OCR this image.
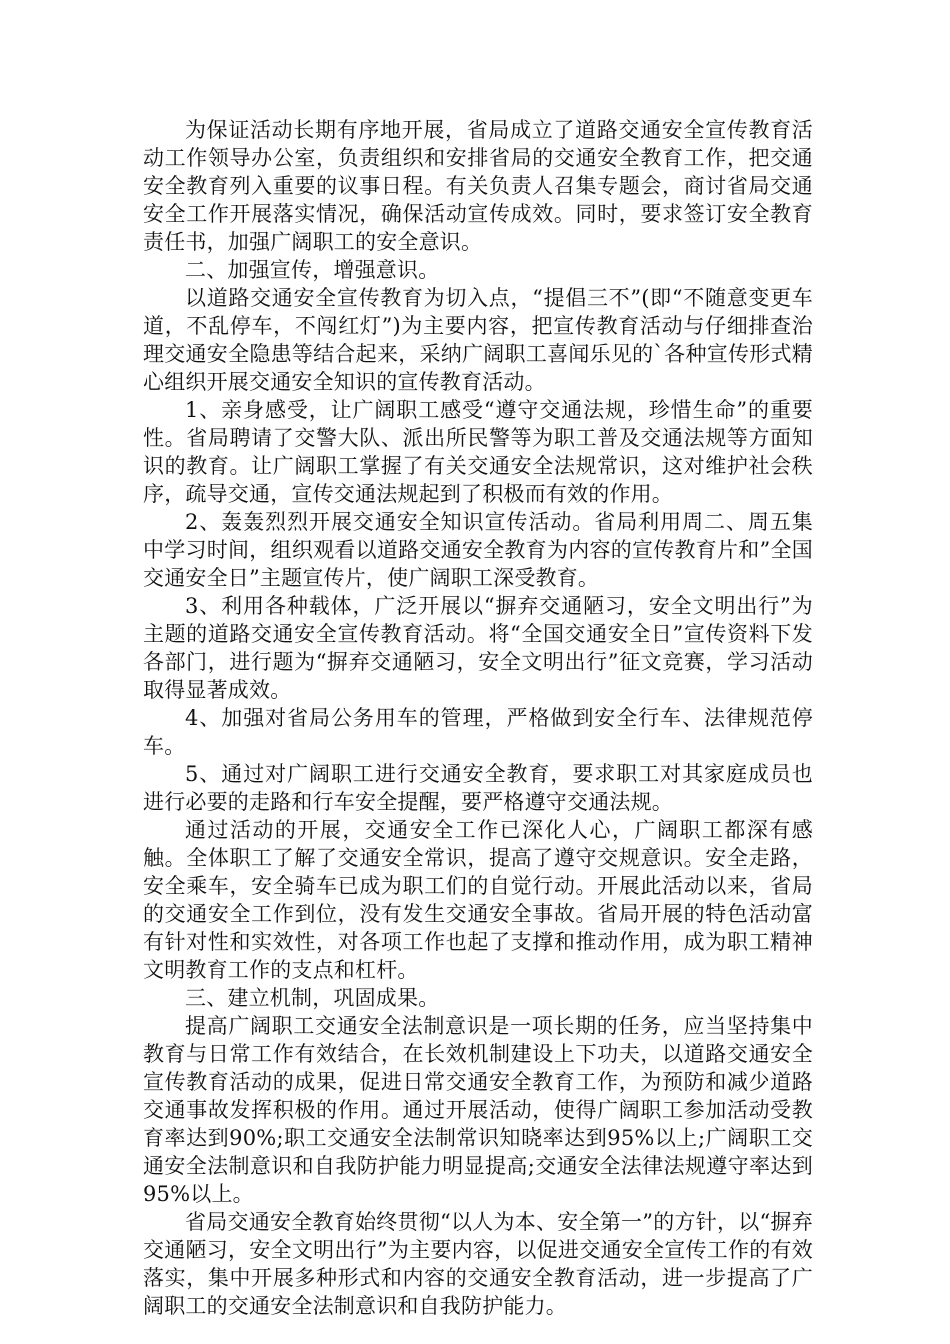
为保证活动长期有序地开展，省局成立了道路交通安全宣传教育活动工作领导办公室，负责组织和安排省局的交通安全教育工作，把交通安全教育列入重要的议事日程。有关负责人召集专题会，商讨省局交通安全工作开展落实情况，确保活动宣传成效。同时，要求签订安全教育责任书，加强广阔职工的安全意识。

二、加强宣传，增强意识。

以道路交通安全宣传教育为切入点，“提倡三不”(即“不随意变更车道，不乱停车，不闯红灯”)为主要内容，把宣传教育活动与仔细排查治理交通安全隐患等结合起来，采纳广阔职工喜闻乐见的`各种宣传形式精心组织开展交通安全知识的宣传教育活动。

1、亲身感受，让广阔职工感受“遵守交通法规，珍惜生命”的重要性。省局聘请了交警大队、派出所民警等为职工普及交通法规等方面知识的教育。让广阔职工掌握了有关交通安全法规常识，这对维护社会秩序，疏导交通，宣传交通法规起到了积极而有效的作用。

2、轰轰烈烈开展交通安全知识宣传活动。省局利用周二、周五集中学习时间，组织观看以道路交通安全教育为内容的宣传教育片和”全国交通安全日”主题宣传片，使广阔职工深受教育。

3、利用各种载体，广泛开展以“摒弃交通陋习，安全文明出行”为主题的道路交通安全宣传教育活动。将“全国交通安全日”宣传资料下发各部门，进行题为“摒弃交通陋习，安全文明出行”征文竞赛，学习活动取得显著成效。

4、加强对省局公务用车的管理，严格做到安全行车、法律规范停车。

5、通过对广阔职工进行交通安全教育，要求职工对其家庭成员也进行必要的走路和行车安全提醒，要严格遵守交通法规。

通过活动的开展，交通安全工作已深化人心，广阔职工都深有感触。全体职工了解了交通安全常识，提高了遵守交规意识。安全走路，安全乘车，安全骑车已成为职工们的自觉行动。开展此活动以来，省局的交通安全工作到位，没有发生交通安全事故。省局开展的特色活动富有针对性和实效性，对各项工作也起了支撑和推动作用，成为职工精神文明教育工作的支点和杠杆。

三、建立机制，巩固成果。

提高广阔职工交通安全法制意识是一项长期的任务，应当坚持集中教育与日常工作有效结合，在长效机制建设上下功夫，以道路交通安全宣传教育活动的成果，促进日常交通安全教育工作，为预防和减少道路交通事故发挥积极的作用。通过开展活动，使得广阔职工参加活动受教育率达到90%;职工交通安全法制常识知晓率达到95%以上;广阔职工交通安全法制意识和自我防护能力明显提高;交通安全法律法规遵守率达到95%以上。

省局交通安全教育始终贯彻“以人为本、安全第一”的方针，以“摒弃交通陋习，安全文明出行”为主要内容，以促进交通安全宣传工作的有效落实，集中开展多种形式和内容的交通安全教育活动，进一步提高了广阔职工的交通安全法制意识和自我防护能力。
